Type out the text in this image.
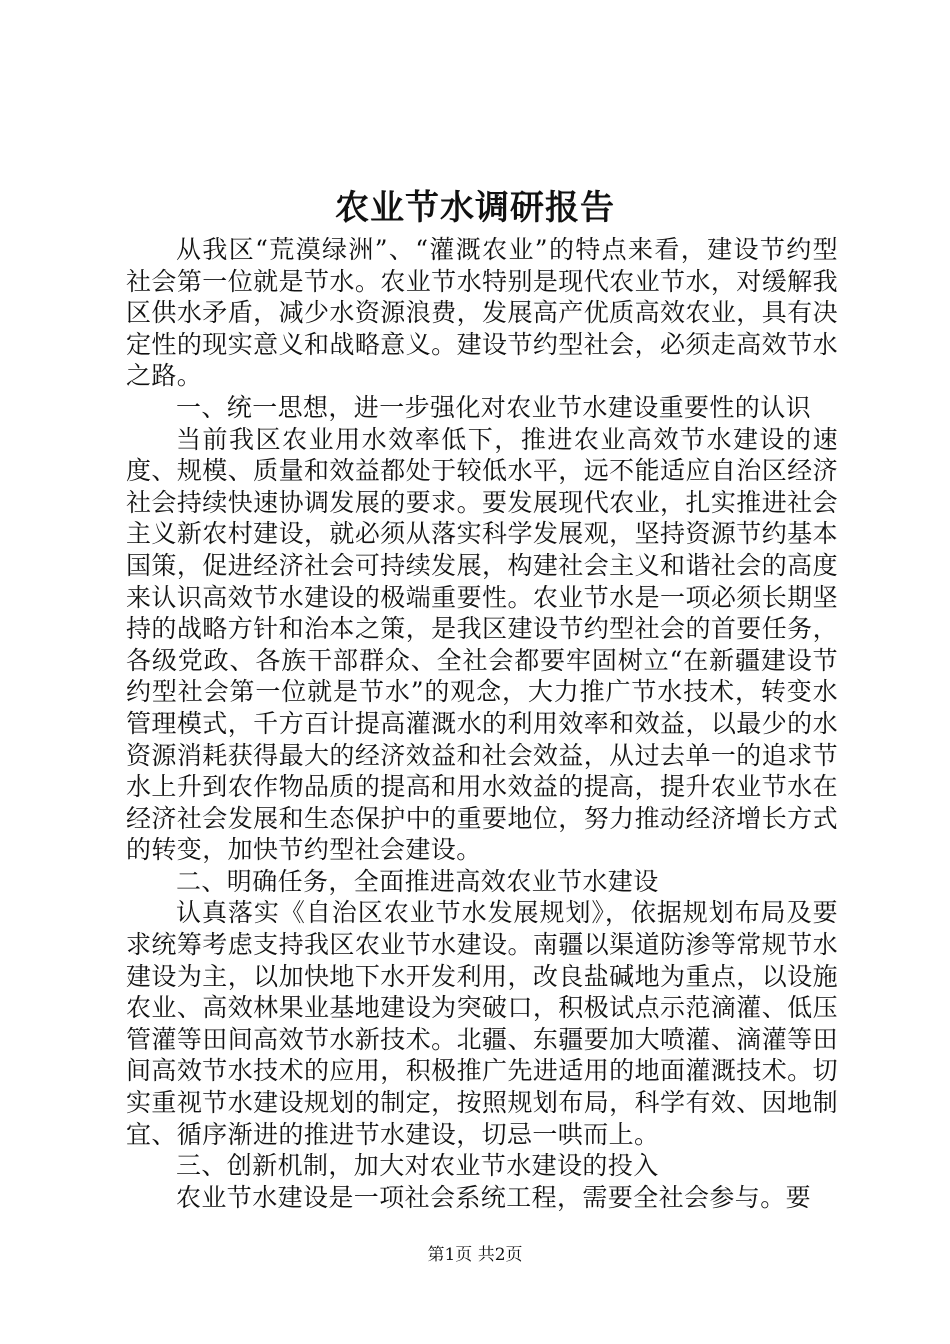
农业节水调研报告

从我区“荒漠绿洲”、“灌溉农业”的特点来看，建设节约型社会第一位就是节水。农业节水特别是现代农业节水，对缓解我区供水矛盾，减少水资源浪费，发展高产优质高效农业，具有决定性的现实意义和战略意义。建设节约型社会，必须走高效节水之路。

一、统一思想，进一步强化对农业节水建设重要性的认识

当前我区农业用水效率低下，推进农业高效节水建设的速度、规模、质量和效益都处于较低水平，远不能适应自治区经济社会持续快速协调发展的要求。要发展现代农业，扎实推进社会主义新农村建设，就必须从落实科学发展观，坚持资源节约基本国策，促进经济社会可持续发展，构建社会主义和谐社会的高度来认识高效节水建设的极端重要性。农业节水是一项必须长期坚持的战略方针和治本之策，是我区建设节约型社会的首要任务，各级党政、各族干部群众、全社会都要牢固树立“在新疆建设节约型社会第一位就是节水”的观念，大力推广节水技术，转变水管理模式，千方百计提高灌溉水的利用效率和效益，以最少的水资源消耗获得最大的经济效益和社会效益，从过去单一的追求节水上升到农作物品质的提高和用水效益的提高，提升农业节水在经济社会发展和生态保护中的重要地位，努力推动经济增长方式的转变，加快节约型社会建设。

二、明确任务，全面推进高效农业节水建设

认真落实《自治区农业节水发展规划》，依据规划布局及要求统筹考虑支持我区农业节水建设。南疆以渠道防渗等常规节水建设为主，以加快地下水开发利用，改良盐碱地为重点，以设施农业、高效林果业基地建设为突破口，积极试点示范滴灌、低压管灌等田间高效节水新技术。北疆、东疆要加大喷灌、滴灌等田间高效节水技术的应用，积极推广先进适用的地面灌溉技术。切实重视节水建设规划的制定，按照规划布局，科学有效、因地制宜、循序渐进的推进节水建设，切忌一哄而上。

三、创新机制，加大对农业节水建设的投入

农业节水建设是一项社会系统工程，需要全社会参与。要

第1页 共2页
